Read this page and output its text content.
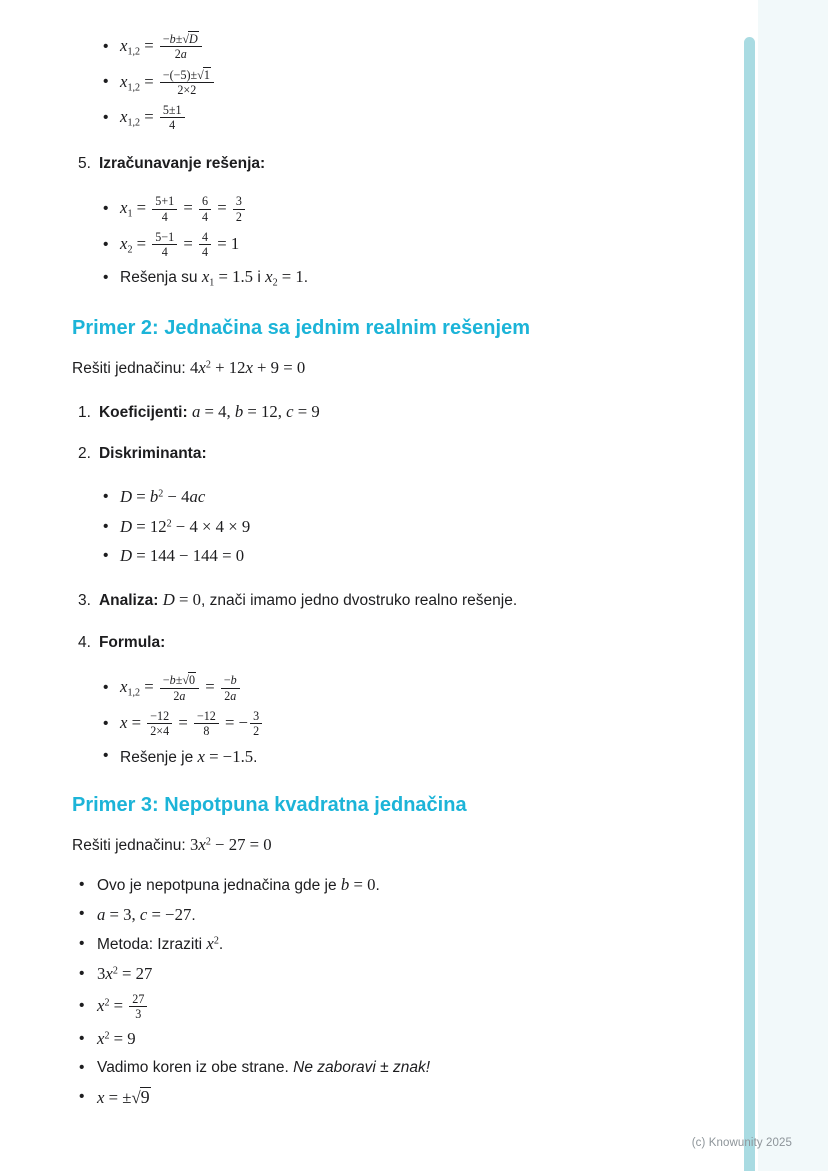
• $x_{1,2} = \frac{-b\pm√D}{2a}$
• $x_{1,2} = \frac{-(-5)\pm√1}{2\times 2}$
• $x_{1,2} = \frac{5\pm 1}{4}$
5. Izračunavanje rešenja:
• $x_1 = \frac{5+1}{4} = \frac{6}{4} = \frac{3}{2}$
• $x_2 = \frac{5-1}{4} = \frac{4}{4} = 1$
• Rešenja su $x_1 = 1.5$ i $x_2 = 1$.
Primer 2: Jednačina sa jednim realnim rešenjem
Rešiti jednačinu: $4x^2 + 12x + 9 = 0$
1. Koeficijenti: a = 4, b = 12, c = 9
2. Diskriminanta:
• $D = b^2 - 4ac$
• $D = 12^2 - 4 \times 4 \times 9$
• D = 144 − 144 = 0
3. Analiza: D = 0, znači imamo jedno dvostruko realno rešenje.
4. Formula:
• $x_{1,2} = \frac{-b\pm√0}{2a} = \frac{-b}{2a}$
• $x = \frac{-12}{2\times 4} = \frac{-12}{8}$ = − $\frac{3}{2}$
• Rešenje je x = −1.5.
Primer 3: Nepotpuna kvadratna jednačina
Rešiti jednačinu: $3x^2 - 27 = 0$
• Ovo je nepotpuna jednačina gde je b = 0.
• a = 3, c = −27.
• Metoda: Izraziti $x^2$.
• $3x^2 = 27$
• $x^2 = \frac{27}{3}$
• $x^2 = 9$
• Vadimo koren iz obe strane. Ne zaboravi ± znak!
• x = ±√9
(c) Knowunity 2025
